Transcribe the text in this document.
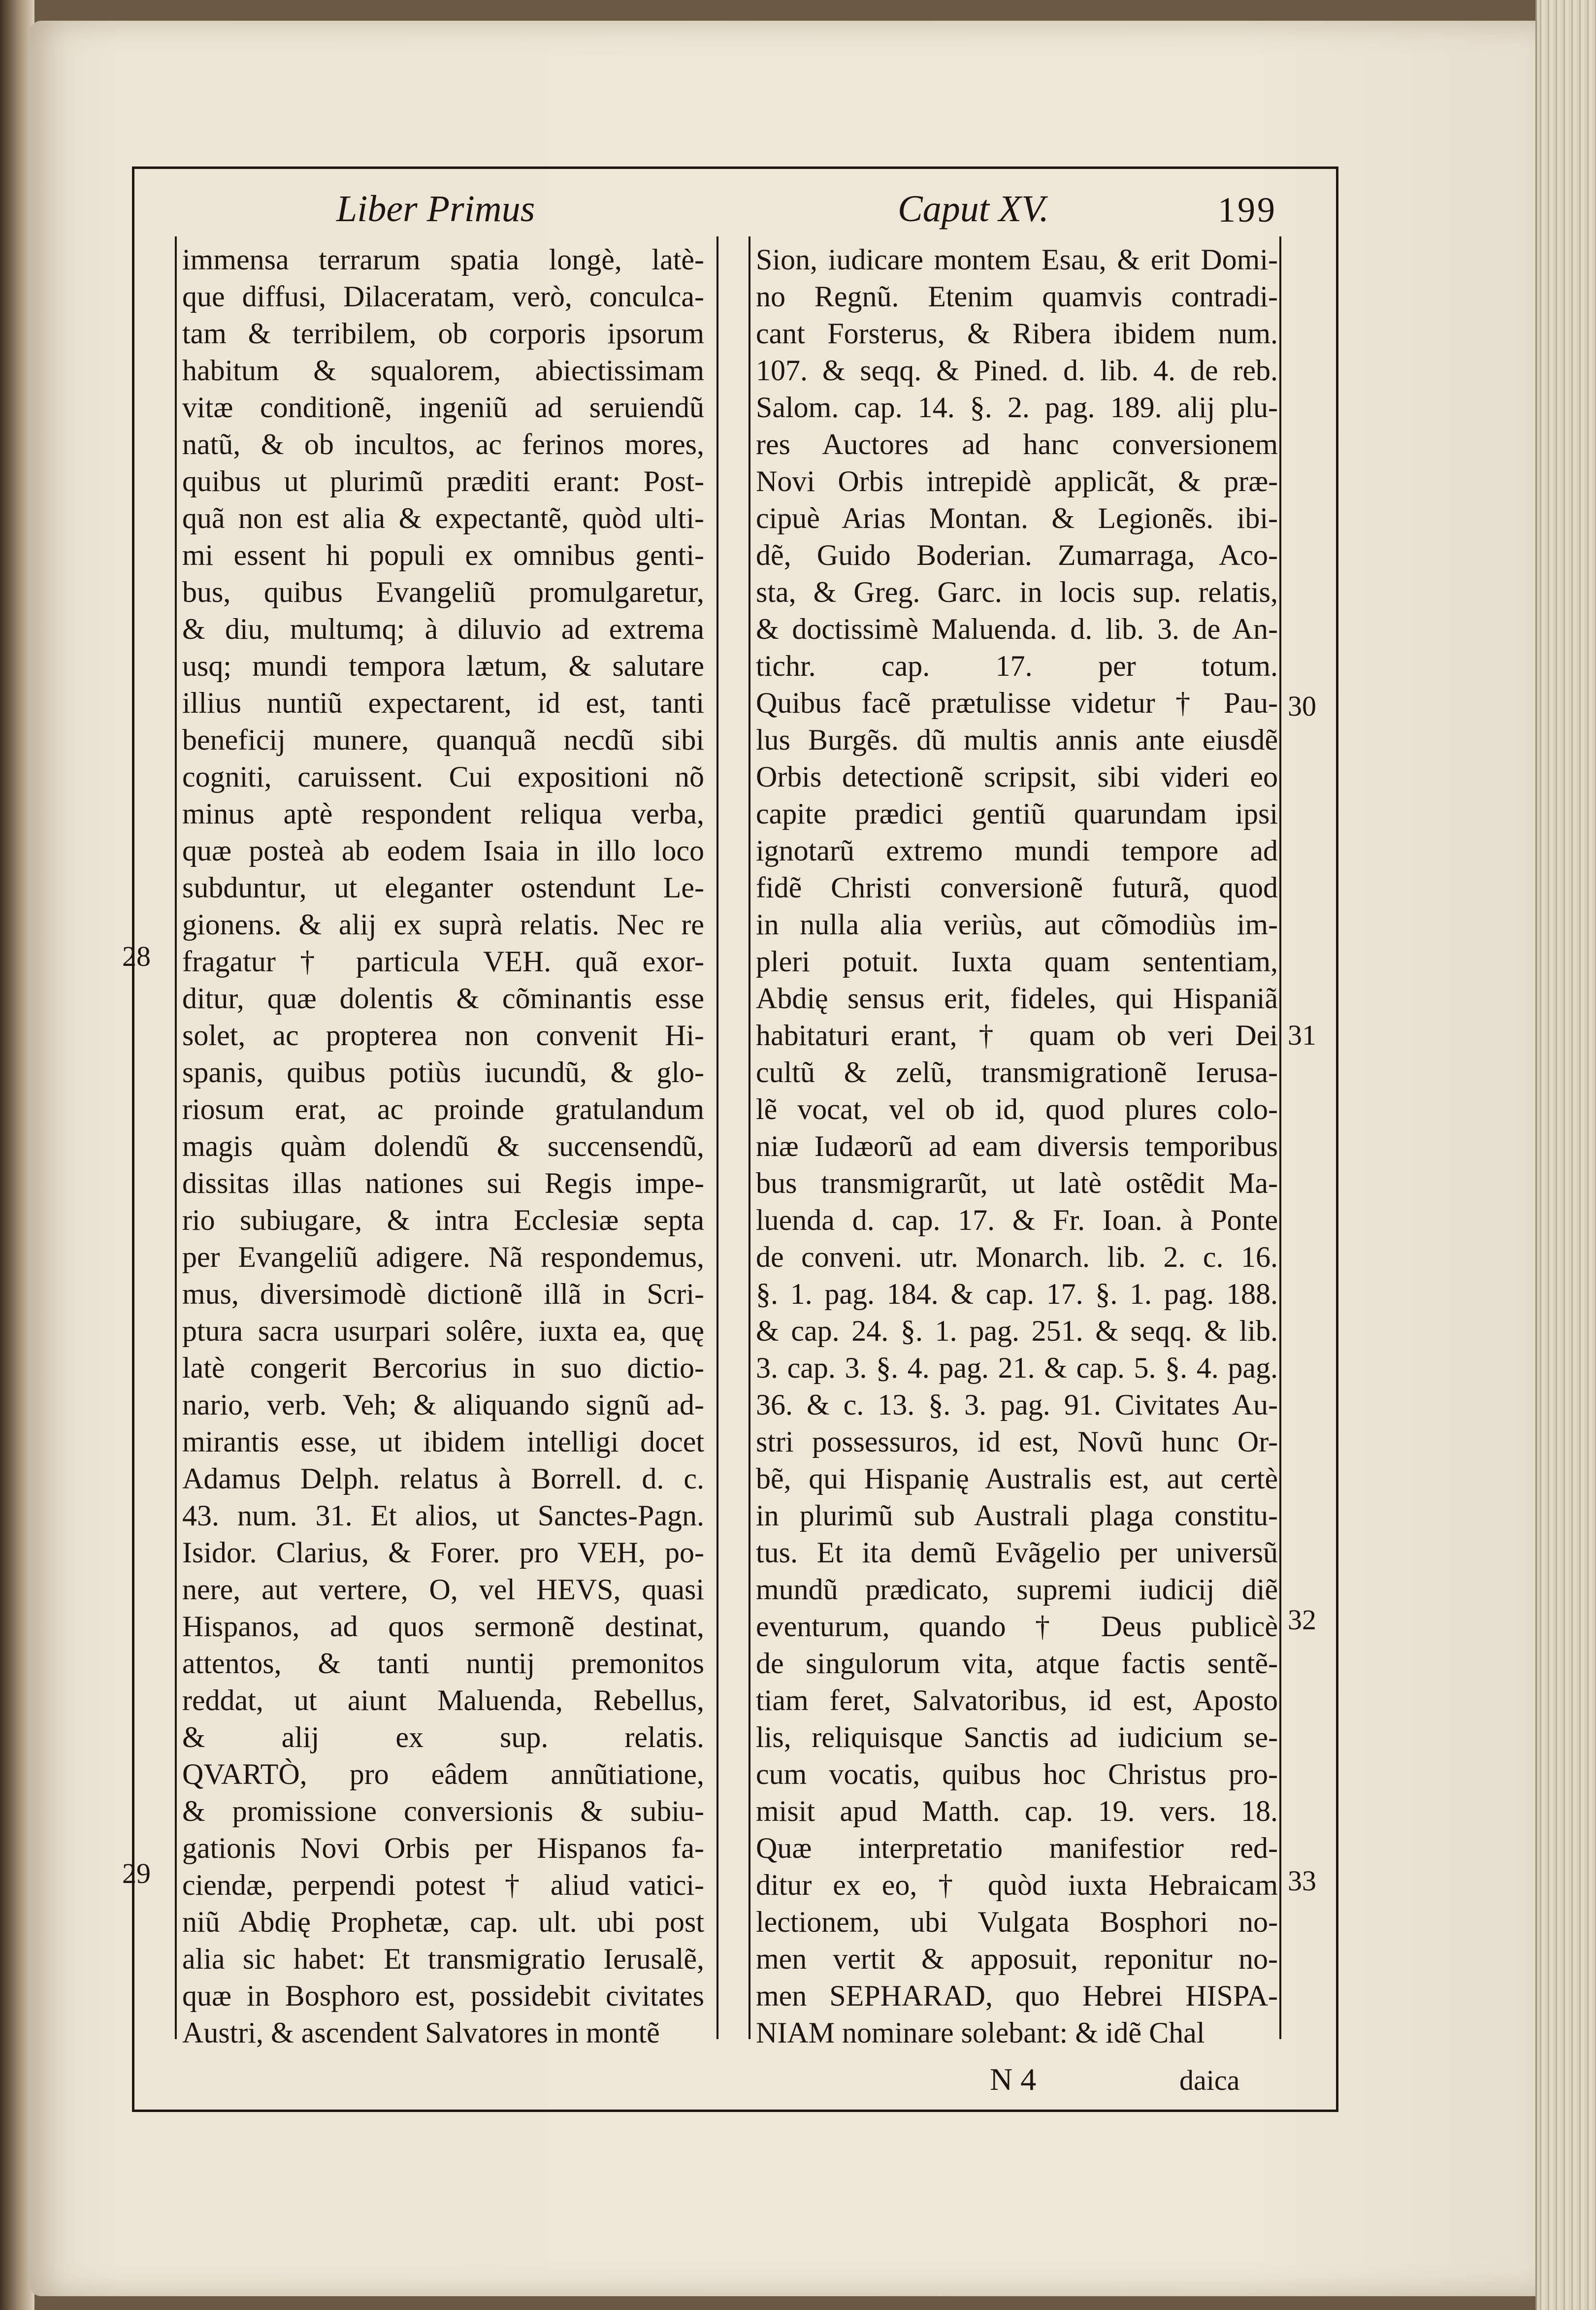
Liber Primus	Caput XV.	199
immensa terrarum spatia longè, latè-
que diffusi, Dilaceratam, verò, conculca-
tam & terribilem, ob corporis ipsorum
habitum & squalorem, abiectissimam
vitæ conditionẽ, ingeniũ ad seruiendũ
natũ, & ob incultos, ac ferinos mores,
quibus ut plurimũ præditi erant: Post-
quã non est alia & expectantẽ, quòd ulti-
mi essent hi populi ex omnibus genti-
bus, quibus Evangeliũ promulgaretur,
& diu, multumq; à diluvio ad extrema
usq; mundi tempora lætum, & salutare
illius nuntiũ expectarent, id est, tanti
beneficij munere, quanquã necdũ sibi
cogniti, caruissent. Cui expositioni nõ
minus aptè respondent reliqua verba,
quæ posteà ab eodem Isaia in illo loco
subduntur, ut eleganter ostendunt Le-
gionens. & alij ex suprà relatis. Nec re
fragatur † particula VEH. quã exor-
ditur, quæ dolentis & cõminantis esse
solet, ac propterea non convenit Hi-
spanis, quibus potiùs iucundũ, & glo-
riosum erat, ac proinde gratulandum
magis quàm dolendũ & succensendũ,
dissitas illas nationes sui Regis impe-
rio subiugare, & intra Ecclesiæ septa
per Evangeliũ adigere. Nã respondemus,
mus, diversimodè dictionẽ illã in Scri-
ptura sacra usurpari solêre, iuxta ea, quę
latè congerit Bercorius in suo dictio-
nario, verb. Veh; & aliquando signũ ad-
mirantis esse, ut ibidem intelligi docet
Adamus Delph. relatus à Borrell. d. c.
43. num. 31. Et alios, ut Sanctes-Pagn.
Isidor. Clarius, & Forer. pro VEH, po-
nere, aut vertere, O, vel HEVS, quasi
Hispanos, ad quos sermonẽ destinat,
attentos, & tanti nuntij premonitos
reddat, ut aiunt Maluenda, Rebellus,
& alij ex sup. relatis.
QVARTÒ, pro eâdem annũtiatione,
& promissione conversionis & subiu-
gationis Novi Orbis per Hispanos fa-
ciendæ, perpendi potest † aliud vatici-
niũ Abdię Prophetæ, cap. ult. ubi post
alia sic habet: Et transmigratio Ierusalẽ,
quæ in Bosphoro est, possidebit civitates
Austri, & ascendent Salvatores in montẽ
Sion, iudicare montem Esau, & erit Domi-
no Regnũ. Etenim quamvis contradi-
cant Forsterus, & Ribera ibidem num.
107. & seqq. & Pined. d. lib. 4. de reb.
Salom. cap. 14. §. 2. pag. 189. alij plu-
res Auctores ad hanc conversionem
Novi Orbis intrepidè applicãt, & præ-
cipuè Arias Montan. & Legionẽs. ibi-
dẽ, Guido Boderian. Zumarraga, Aco-
sta, & Greg. Garc. in locis sup. relatis,
& doctissimè Maluenda. d. lib. 3. de An-
tichr. cap. 17. per totum.
Quibus facẽ prætulisse videtur † Pau-
lus Burgẽs. dũ multis annis ante eiusdẽ
Orbis detectionẽ scripsit, sibi videri eo
capite prædici gentiũ quarundam ipsi
ignotarũ extremo mundi tempore ad
fidẽ Christi conversionẽ futurã, quod
in nulla alia veriùs, aut cõmodiùs im-
pleri potuit. Iuxta quam sententiam,
Abdię sensus erit, fideles, qui Hispaniã
habitaturi erant, † quam ob veri Dei
cultũ & zelũ, transmigrationẽ Ierusa-
lẽ vocat, vel ob id, quod plures colo-
niæ Iudæorũ ad eam diversis temporibus
bus transmigrarũt, ut latè ostẽdit Ma-
luenda d. cap. 17. & Fr. Ioan. à Ponte
de conveni. utr. Monarch. lib. 2. c. 16.
§. 1. pag. 184. & cap. 17. §. 1. pag. 188.
& cap. 24. §. 1. pag. 251. & seqq. & lib.
3. cap. 3. §. 4. pag. 21. & cap. 5. §. 4. pag.
36. & c. 13. §. 3. pag. 91. Civitates Au-
stri possessuros, id est, Novũ hunc Or-
bẽ, qui Hispanię Australis est, aut certè
in plurimũ sub Australi plaga constitu-
tus. Et ita demũ Evãgelio per universũ
mundũ prædicato, supremi iudicij diẽ
eventurum, quando † Deus publicè
de singulorum vita, atque factis sentẽ-
tiam feret, Salvatoribus, id est, Aposto
lis, reliquisque Sanctis ad iudicium se-
cum vocatis, quibus hoc Christus pro-
misit apud Matth. cap. 19. vers. 18.
Quæ interpretatio manifestior red-
ditur ex eo, † quòd iuxta Hebraicam
lectionem, ubi Vulgata Bosphori no-
men vertit & apposuit, reponitur no-
men SEPHARAD, quo Hebrei HISPA-
NIAM nominare solebant: & idẽ Chal
28
29
30
31
32
33
N 4	daica
